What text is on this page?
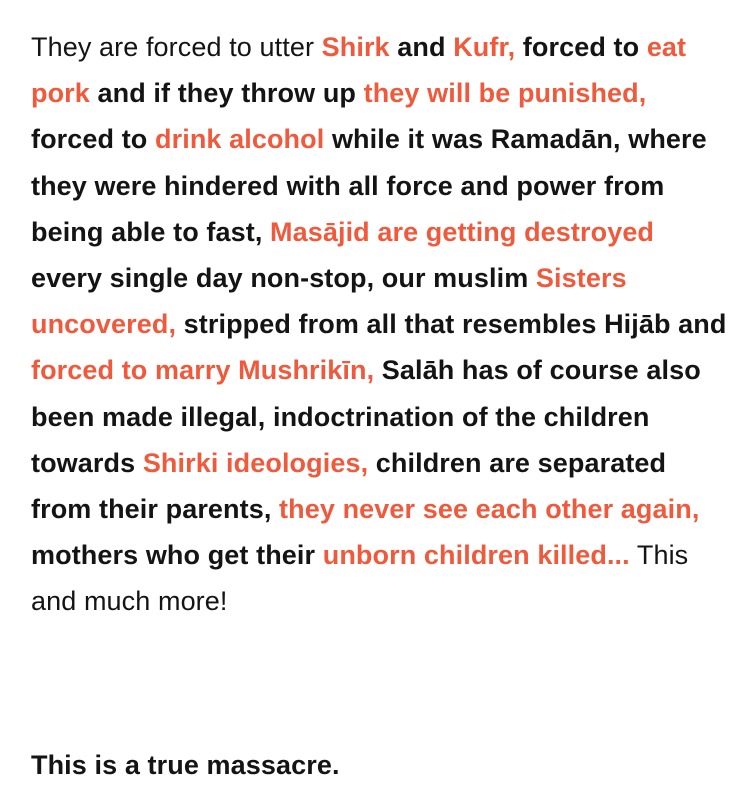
They are forced to utter Shirk and Kufr, forced to eat pork and if they throw up they will be punished, forced to drink alcohol while it was Ramadān, where they were hindered with all force and power from being able to fast, Masājid are getting destroyed every single day non-stop, our muslim Sisters uncovered, stripped from all that resembles Hijāb and forced to marry Mushrikīn, Salāh has of course also been made illegal, indoctrination of the children towards Shirki ideologies, children are separated from their parents, they never see each other again, mothers who get their unborn children killed... This and much more!

This is a true massacre.
